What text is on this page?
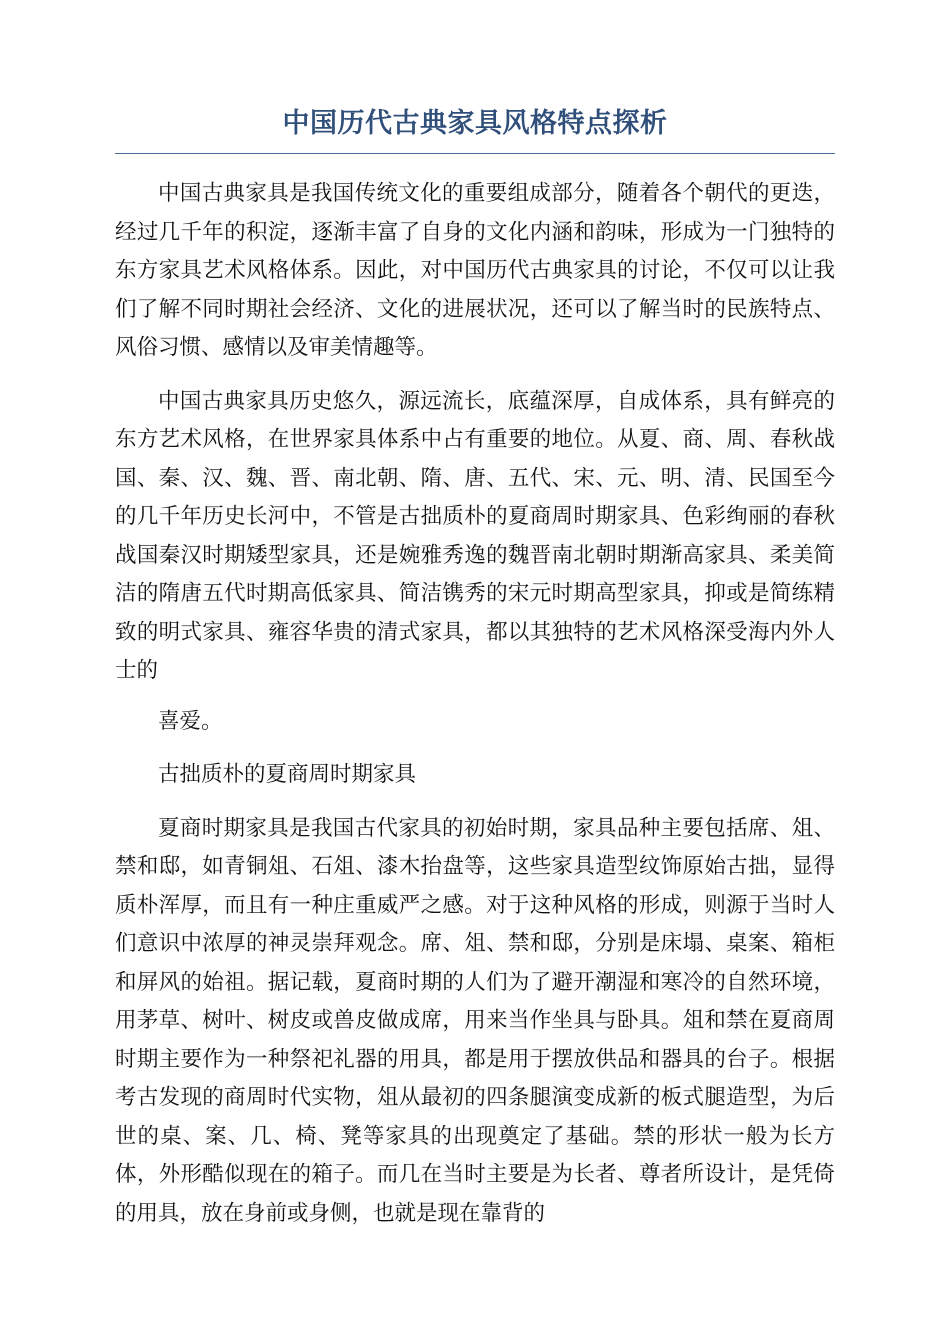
中国历代古典家具风格特点探析

中国古典家具是我国传统文化的重要组成部分，随着各个朝代的更迭，经过几千年的积淀，逐渐丰富了自身的文化内涵和韵味，形成为一门独特的东方家具艺术风格体系。因此，对中国历代古典家具的讨论，不仅可以让我们了解不同时期社会经济、文化的进展状况，还可以了解当时的民族特点、风俗习惯、感情以及审美情趣等。

中国古典家具历史悠久，源远流长，底蕴深厚，自成体系，具有鲜亮的东方艺术风格，在世界家具体系中占有重要的地位。从夏、商、周、春秋战国、秦、汉、魏、晋、南北朝、隋、唐、五代、宋、元、明、清、民国至今的几千年历史长河中，不管是古拙质朴的夏商周时期家具、色彩绚丽的春秋战国秦汉时期矮型家具，还是婉雅秀逸的魏晋南北朝时期渐高家具、柔美简洁的隋唐五代时期高低家具、简洁镌秀的宋元时期高型家具，抑或是简练精致的明式家具、雍容华贵的清式家具，都以其独特的艺术风格深受海内外人士的

喜爱。

古拙质朴的夏商周时期家具

夏商时期家具是我国古代家具的初始时期，家具品种主要包括席、俎、禁和邸，如青铜俎、石俎、漆木抬盘等，这些家具造型纹饰原始古拙，显得质朴浑厚，而且有一种庄重威严之感。对于这种风格的形成，则源于当时人们意识中浓厚的神灵崇拜观念。席、俎、禁和邸，分别是床塌、桌案、箱柜和屏风的始祖。据记载，夏商时期的人们为了避开潮湿和寒冷的自然环境，用茅草、树叶、树皮或兽皮做成席，用来当作坐具与卧具。俎和禁在夏商周时期主要作为一种祭祀礼器的用具，都是用于摆放供品和器具的台子。根据考古发现的商周时代实物，俎从最初的四条腿演变成新的板式腿造型，为后世的桌、案、几、椅、凳等家具的出现奠定了基础。禁的形状一般为长方体，外形酷似现在的箱子。而几在当时主要是为长者、尊者所设计，是凭倚的用具，放在身前或身侧，也就是现在靠背的
